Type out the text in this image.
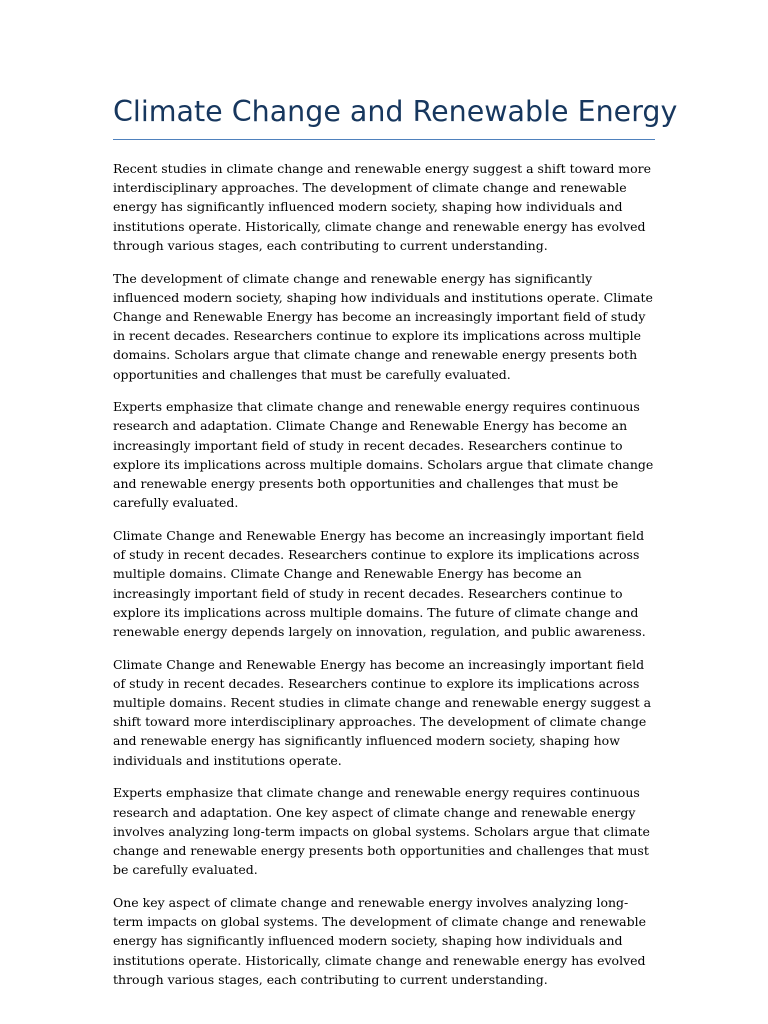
Climate Change and Renewable Energy

Recent studies in climate change and renewable energy suggest a shift toward more interdisciplinary approaches. The development of climate change and renewable energy has significantly influenced modern society, shaping how individuals and institutions operate. Historically, climate change and renewable energy has evolved through various stages, each contributing to current understanding.

The development of climate change and renewable energy has significantly influenced modern society, shaping how individuals and institutions operate. Climate Change and Renewable Energy has become an increasingly important field of study in recent decades. Researchers continue to explore its implications across multiple domains. Scholars argue that climate change and renewable energy presents both opportunities and challenges that must be carefully evaluated.

Experts emphasize that climate change and renewable energy requires continuous research and adaptation. Climate Change and Renewable Energy has become an increasingly important field of study in recent decades. Researchers continue to explore its implications across multiple domains. Scholars argue that climate change and renewable energy presents both opportunities and challenges that must be carefully evaluated.

Climate Change and Renewable Energy has become an increasingly important field of study in recent decades. Researchers continue to explore its implications across multiple domains. Climate Change and Renewable Energy has become an increasingly important field of study in recent decades. Researchers continue to explore its implications across multiple domains. The future of climate change and renewable energy depends largely on innovation, regulation, and public awareness.

Climate Change and Renewable Energy has become an increasingly important field of study in recent decades. Researchers continue to explore its implications across multiple domains. Recent studies in climate change and renewable energy suggest a shift toward more interdisciplinary approaches. The development of climate change and renewable energy has significantly influenced modern society, shaping how individuals and institutions operate.

Experts emphasize that climate change and renewable energy requires continuous research and adaptation. One key aspect of climate change and renewable energy involves analyzing long-term impacts on global systems. Scholars argue that climate change and renewable energy presents both opportunities and challenges that must be carefully evaluated.

One key aspect of climate change and renewable energy involves analyzing long-term impacts on global systems. The development of climate change and renewable energy has significantly influenced modern society, shaping how individuals and institutions operate. Historically, climate change and renewable energy has evolved through various stages, each contributing to current understanding.
